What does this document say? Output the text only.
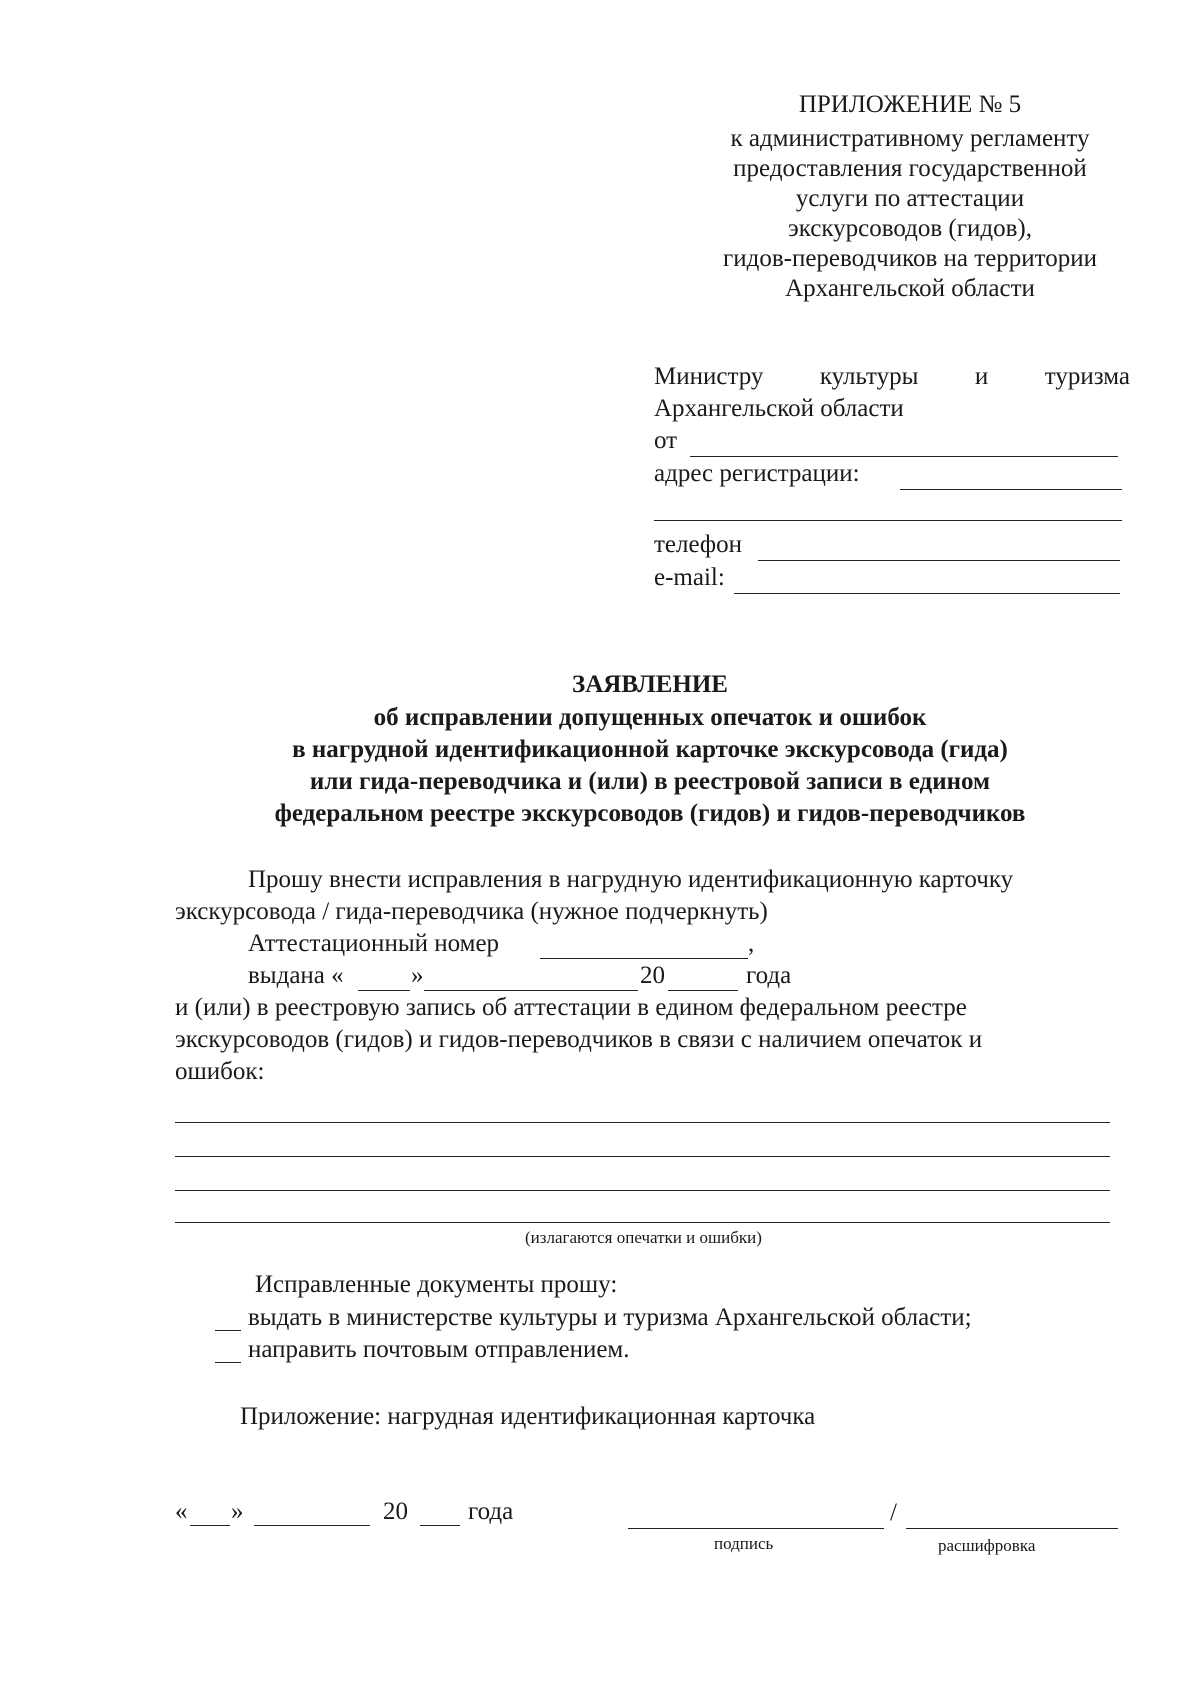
ПРИЛОЖЕНИЕ № 5
к административному регламенту
предоставления государственной
услуги по аттестации
экскурсоводов (гидов),
гидов-переводчиков на территории
Архангельской области
Министру культуры и туризма
Архангельской области
от
адрес регистрации:
телефон
e-mail:
ЗАЯВЛЕНИЕ
об исправлении допущенных опечаток и ошибок
в нагрудной идентификационной карточке экскурсовода (гида)
или гида-переводчика и (или) в реестровой записи в едином
федеральном реестре экскурсоводов (гидов) и гидов-переводчиков
Прошу внести исправления в нагрудную идентификационную карточку
экскурсовода / гида-переводчика (нужное подчеркнуть)
Аттестационный номер	,
выдана «	»	20	года
и (или) в реестровую запись об аттестации в едином федеральном реестре
экскурсоводов (гидов) и гидов-переводчиков в связи с наличием опечаток и
ошибок:
(излагаются опечатки и ошибки)
Исправленные документы прошу:
выдать в министерстве культуры и туризма Архангельской области;
направить почтовым отправлением.
Приложение: нагрудная идентификационная карточка
« »	20 года	/
подпись	расшифровка
